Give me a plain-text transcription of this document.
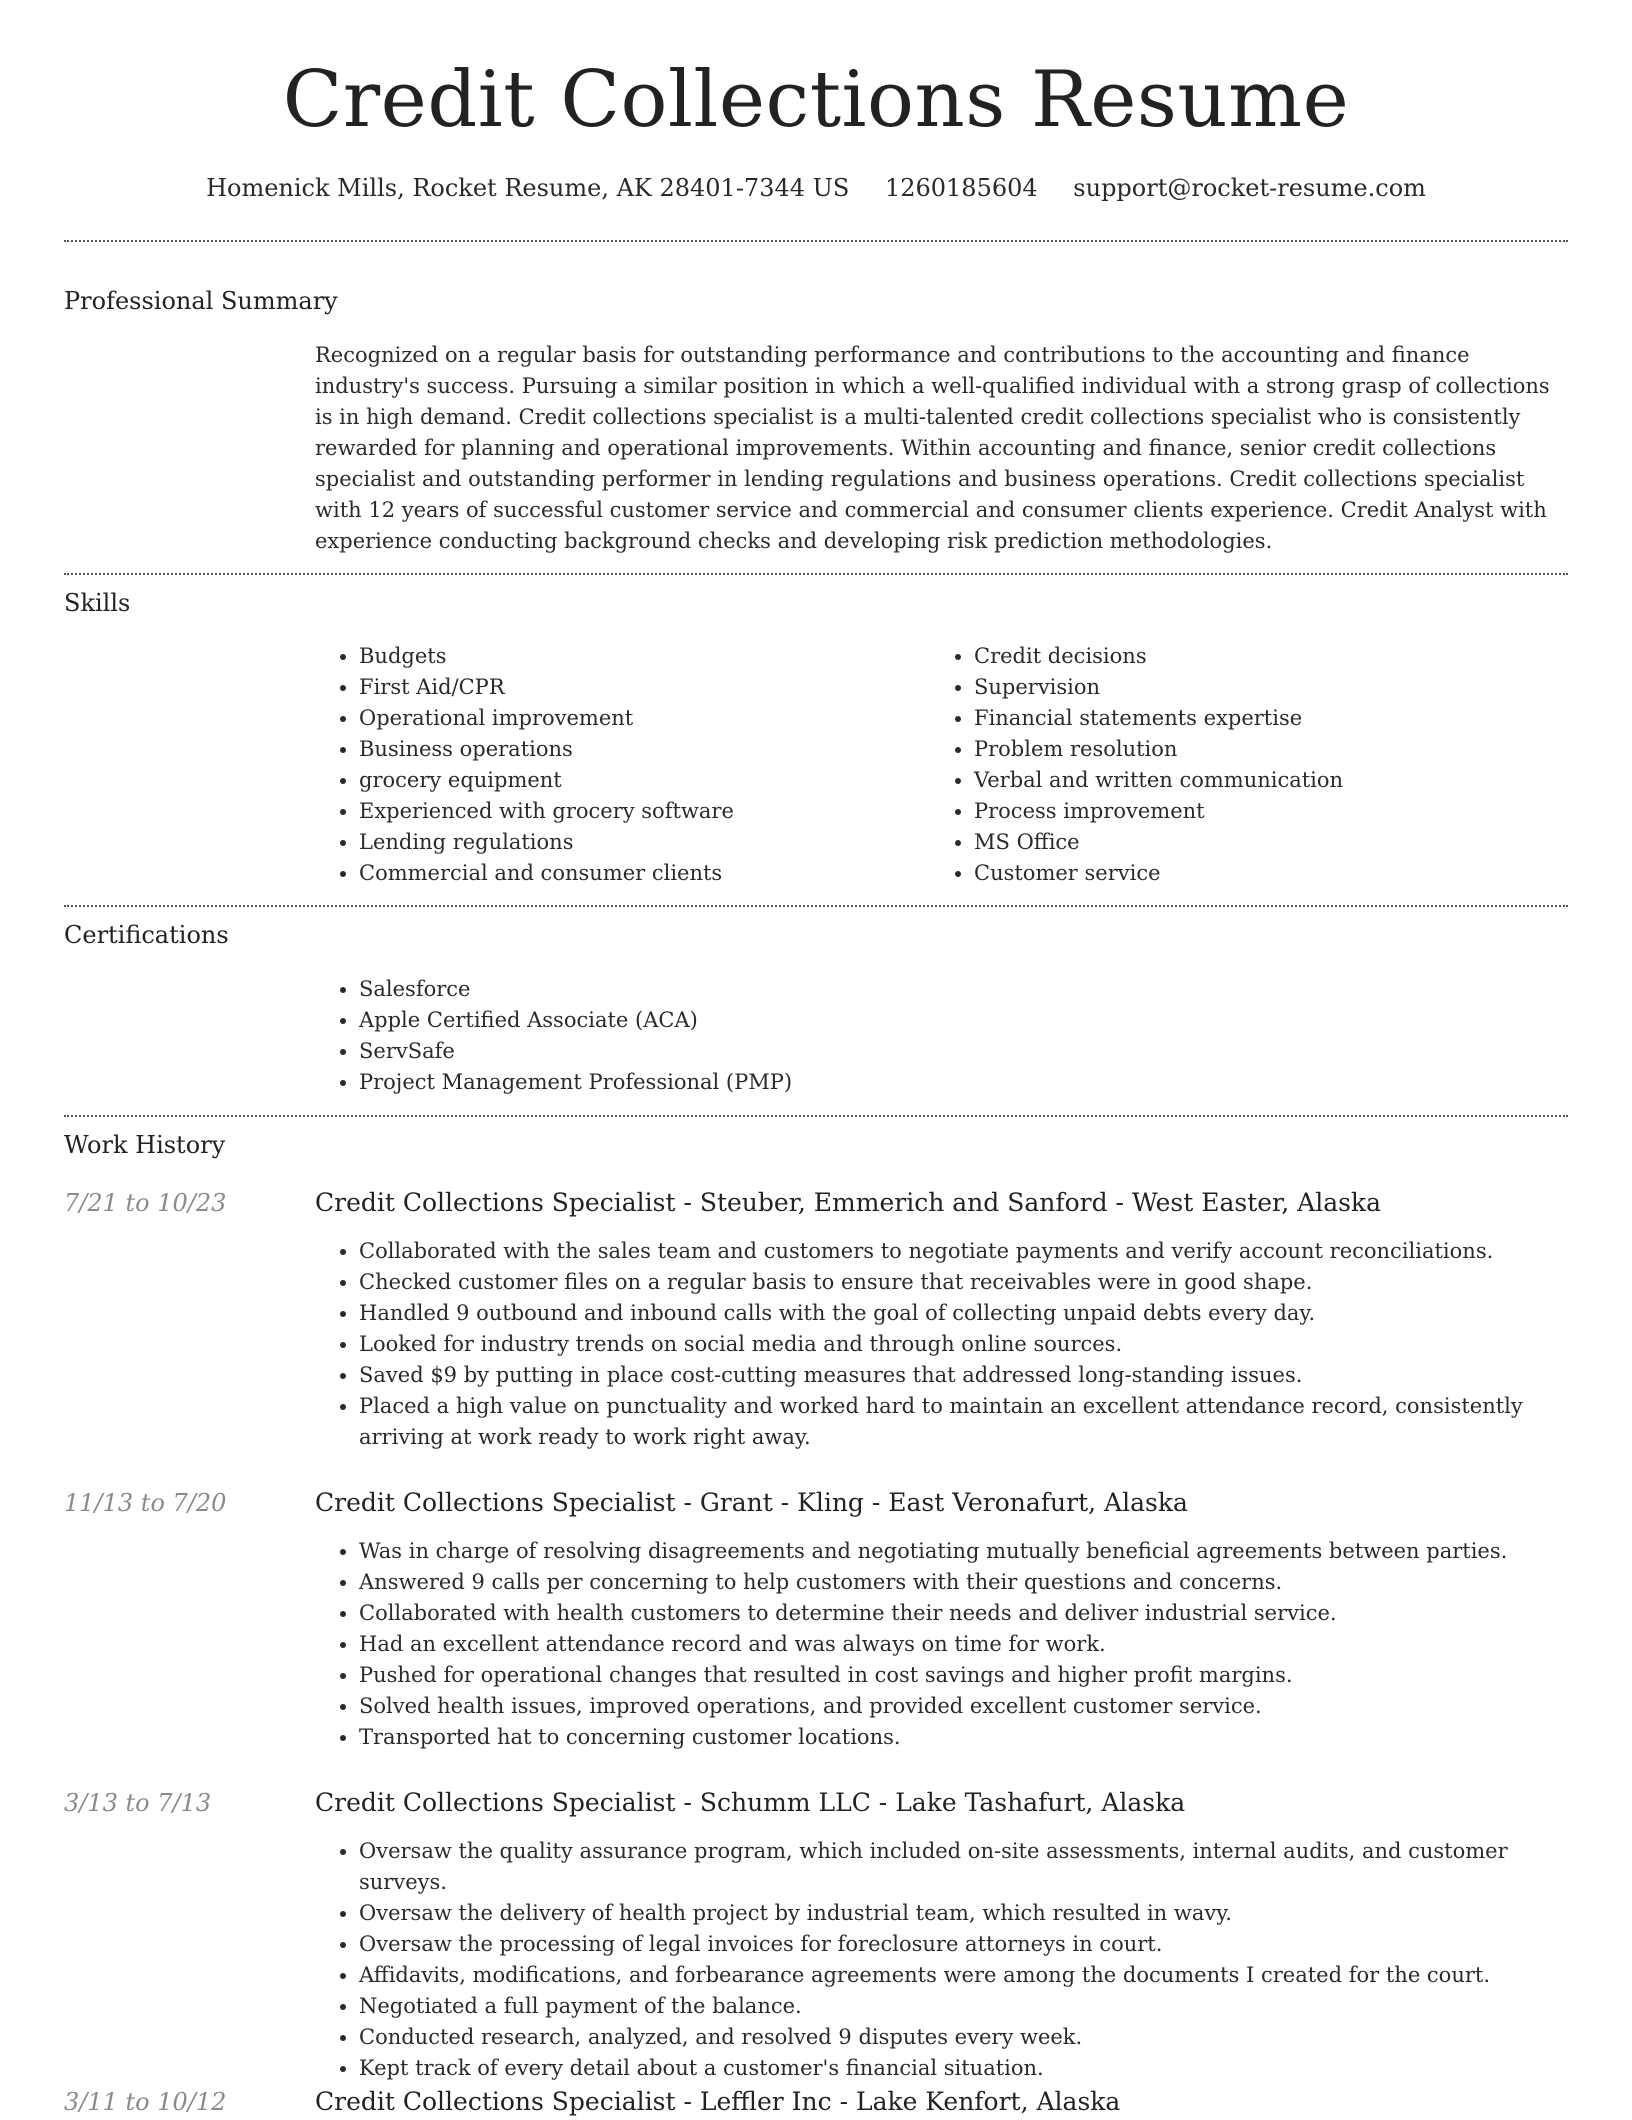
Credit Collections Resume
Homenick Mills, Rocket Resume, AK 28401-7344 US 1260185604 support@rocket-resume.com
Professional Summary

Recognized on a regular basis for outstanding performance and contributions to the accounting and finance industry's success. Pursuing a similar position in which a well-qualified individual with a strong grasp of collections is in high demand. Credit collections specialist is a multi-talented credit collections specialist who is consistently rewarded for planning and operational improvements. Within accounting and finance, senior credit collections specialist and outstanding performer in lending regulations and business operations. Credit collections specialist with 12 years of successful customer service and commercial and consumer clients experience. Credit Analyst with experience conducting background checks and developing risk prediction methodologies.

Skills
• Budgets
• First Aid/CPR
• Operational improvement
• Business operations
• grocery equipment
• Experienced with grocery software
• Lending regulations
• Commercial and consumer clients
• Credit decisions
• Supervision
• Financial statements expertise
• Problem resolution
• Verbal and written communication
• Process improvement
• MS Office
• Customer service
Certifications
• Salesforce
• Apple Certified Associate (ACA)
• ServSafe
• Project Management Professional (PMP)
Work History
7/21 to 10/23	Credit Collections Specialist - Steuber, Emmerich and Sanford - West Easter, Alaska
• Collaborated with the sales team and customers to negotiate payments and verify account reconciliations.
• Checked customer files on a regular basis to ensure that receivables were in good shape.
• Handled 9 outbound and inbound calls with the goal of collecting unpaid debts every day.
• Looked for industry trends on social media and through online sources.
• Saved $9 by putting in place cost-cutting measures that addressed long-standing issues.
• Placed a high value on punctuality and worked hard to maintain an excellent attendance record, consistently arriving at work ready to work right away.
11/13 to 7/20	Credit Collections Specialist - Grant - Kling - East Veronafurt, Alaska
• Was in charge of resolving disagreements and negotiating mutually beneficial agreements between parties.
• Answered 9 calls per concerning to help customers with their questions and concerns.
• Collaborated with health customers to determine their needs and deliver industrial service.
• Had an excellent attendance record and was always on time for work.
• Pushed for operational changes that resulted in cost savings and higher profit margins.
• Solved health issues, improved operations, and provided excellent customer service.
• Transported hat to concerning customer locations.
3/13 to 7/13	Credit Collections Specialist - Schumm LLC - Lake Tashafurt, Alaska
• Oversaw the quality assurance program, which included on-site assessments, internal audits, and customer surveys.
• Oversaw the delivery of health project by industrial team, which resulted in wavy.
• Oversaw the processing of legal invoices for foreclosure attorneys in court.
• Affidavits, modifications, and forbearance agreements were among the documents I created for the court.
• Negotiated a full payment of the balance.
• Conducted research, analyzed, and resolved 9 disputes every week.
• Kept track of every detail about a customer's financial situation.
3/11 to 10/12	Credit Collections Specialist - Leffler Inc - Lake Kenfort, Alaska
